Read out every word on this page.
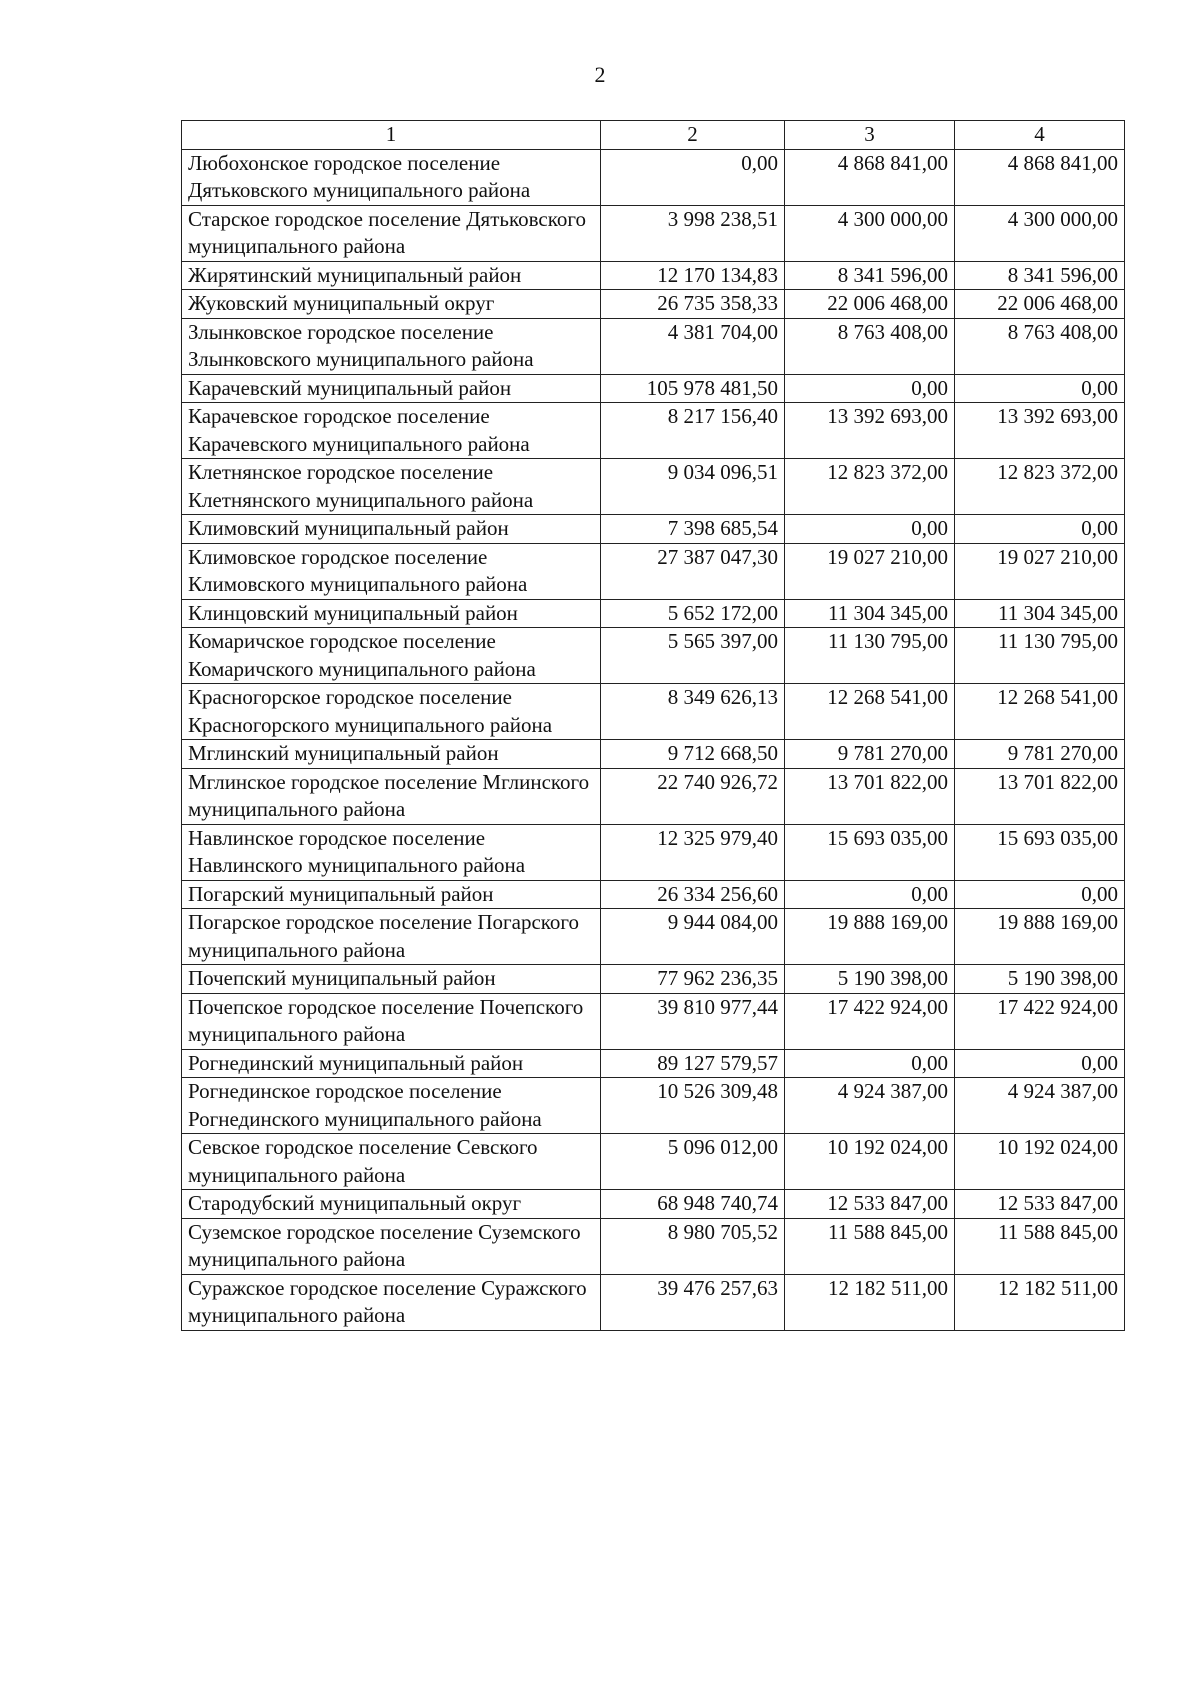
2
1	2	3	4
Любохонское городское поселение Дятьковского муниципального района	0,00	4 868 841,00	4 868 841,00
Старское городское поселение Дятьковского муниципального района	3 998 238,51	4 300 000,00	4 300 000,00
Жирятинский муниципальный район	12 170 134,83	8 341 596,00	8 341 596,00
Жуковский муниципальный округ	26 735 358,33	22 006 468,00	22 006 468,00
Злынковское городское поселение Злынковского муниципального района	4 381 704,00	8 763 408,00	8 763 408,00
Карачевский муниципальный район	105 978 481,50	0,00	0,00
Карачевское городское поселение Карачевского муниципального района	8 217 156,40	13 392 693,00	13 392 693,00
Клетнянское городское поселение Клетнянского муниципального района	9 034 096,51	12 823 372,00	12 823 372,00
Климовский муниципальный район	7 398 685,54	0,00	0,00
Климовское городское поселение Климовского муниципального района	27 387 047,30	19 027 210,00	19 027 210,00
Клинцовский муниципальный район	5 652 172,00	11 304 345,00	11 304 345,00
Комаричское городское поселение Комаричского муниципального района	5 565 397,00	11 130 795,00	11 130 795,00
Красногорское городское поселение Красногорского муниципального района	8 349 626,13	12 268 541,00	12 268 541,00
Мглинский муниципальный район	9 712 668,50	9 781 270,00	9 781 270,00
Мглинское городское поселение Мглинского муниципального района	22 740 926,72	13 701 822,00	13 701 822,00
Навлинское городское поселение Навлинского муниципального района	12 325 979,40	15 693 035,00	15 693 035,00
Погарский муниципальный район	26 334 256,60	0,00	0,00
Погарское городское поселение Погарского муниципального района	9 944 084,00	19 888 169,00	19 888 169,00
Почепский муниципальный район	77 962 236,35	5 190 398,00	5 190 398,00
Почепское городское поселение Почепского муниципального района	39 810 977,44	17 422 924,00	17 422 924,00
Рогнединский муниципальный район	89 127 579,57	0,00	0,00
Рогнединское городское поселение Рогнединского муниципального района	10 526 309,48	4 924 387,00	4 924 387,00
Севское городское поселение Севского муниципального района	5 096 012,00	10 192 024,00	10 192 024,00
Стародубский муниципальный округ	68 948 740,74	12 533 847,00	12 533 847,00
Суземское городское поселение Суземского муниципального района	8 980 705,52	11 588 845,00	11 588 845,00
Суражское городское поселение Суражского муниципального района	39 476 257,63	12 182 511,00	12 182 511,00
